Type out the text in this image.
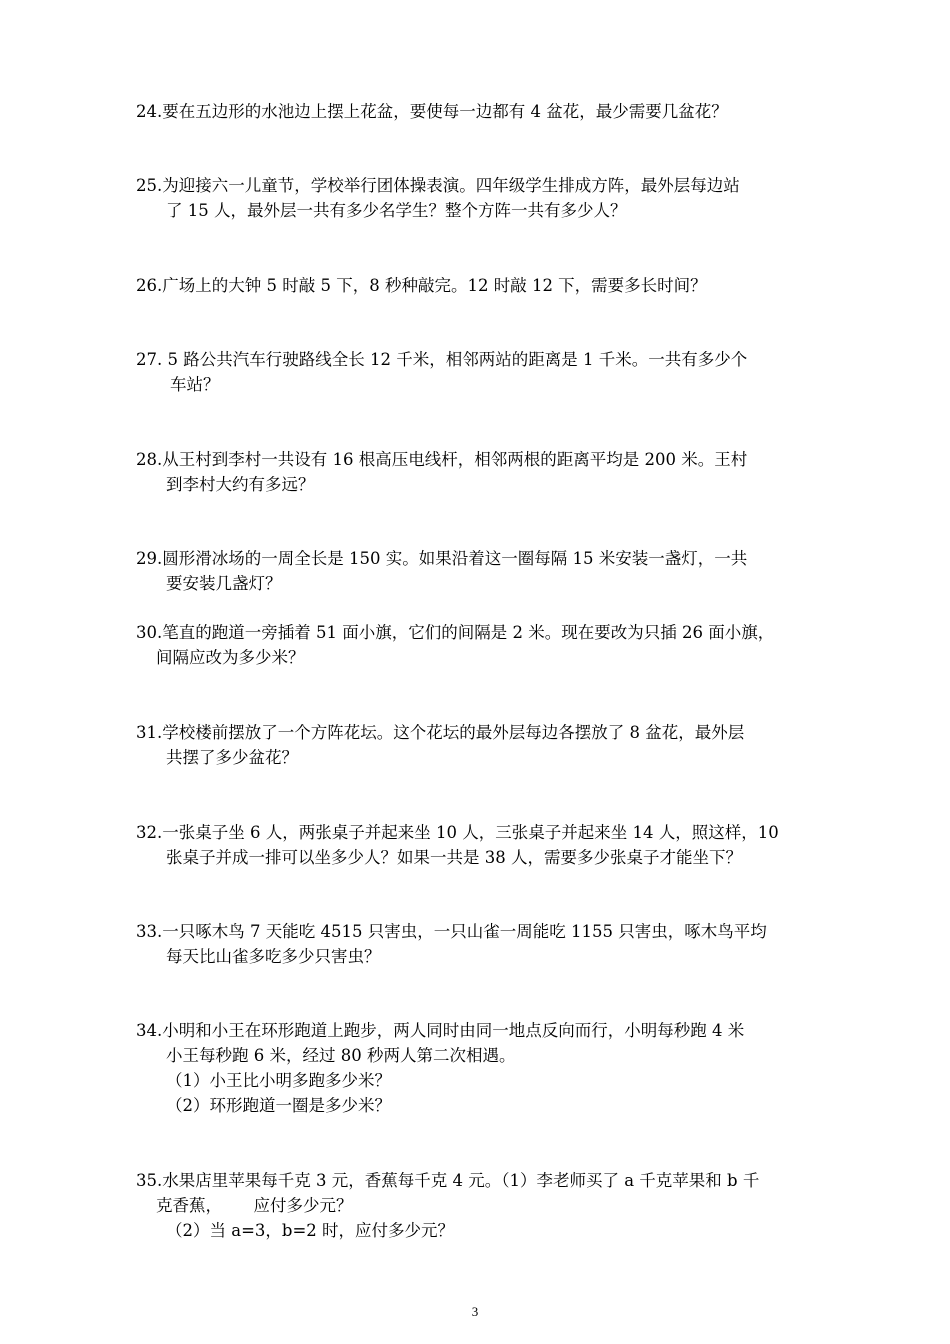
24.要在五边形的水池边上摆上花盆，要使每一边都有 4 盆花，最少需要几盆花？
25.为迎接六一儿童节，学校举行团体操表演。四年级学生排成方阵，最外层每边站
了 15 人，最外层一共有多少名学生？整个方阵一共有多少人？
26.广场上的大钟 5 时敲 5 下，8 秒种敲完。12 时敲 12 下，需要多长时间？
27. 5 路公共汽车行驶路线全长 12 千米，相邻两站的距离是 1 千米。一共有多少个
车站？
28.从王村到李村一共设有 16 根高压电线杆，相邻两根的距离平均是 200 米。王村
到李村大约有多远？
29.圆形滑冰场的一周全长是 150 实。如果沿着这一圈每隔 15 米安装一盏灯，一共
要安装几盏灯？
30.笔直的跑道一旁插着 51 面小旗，它们的间隔是 2 米。现在要改为只插 26 面小旗，
间隔应改为多少米？
31.学校楼前摆放了一个方阵花坛。这个花坛的最外层每边各摆放了 8 盆花，最外层
共摆了多少盆花？
32.一张桌子坐 6 人，两张桌子并起来坐 10 人，三张桌子并起来坐 14 人，照这样，10
张桌子并成一排可以坐多少人？如果一共是 38 人，需要多少张桌子才能坐下？
33.一只啄木鸟 7 天能吃 4515 只害虫，一只山雀一周能吃 1155 只害虫，啄木鸟平均
每天比山雀多吃多少只害虫？
34.小明和小王在环形跑道上跑步，两人同时由同一地点反向而行，小明每秒跑 4 米
小王每秒跑 6 米，经过 80 秒两人第二次相遇。
（1）小王比小明多跑多少米？
（2）环形跑道一圈是多少米？
35.水果店里苹果每千克 3 元，香蕉每千克 4 元。（1）李老师买了 a 千克苹果和 b 千
克香蕉，      应付多少元？
（2）当 a=3，b=2 时，应付多少元？
3
